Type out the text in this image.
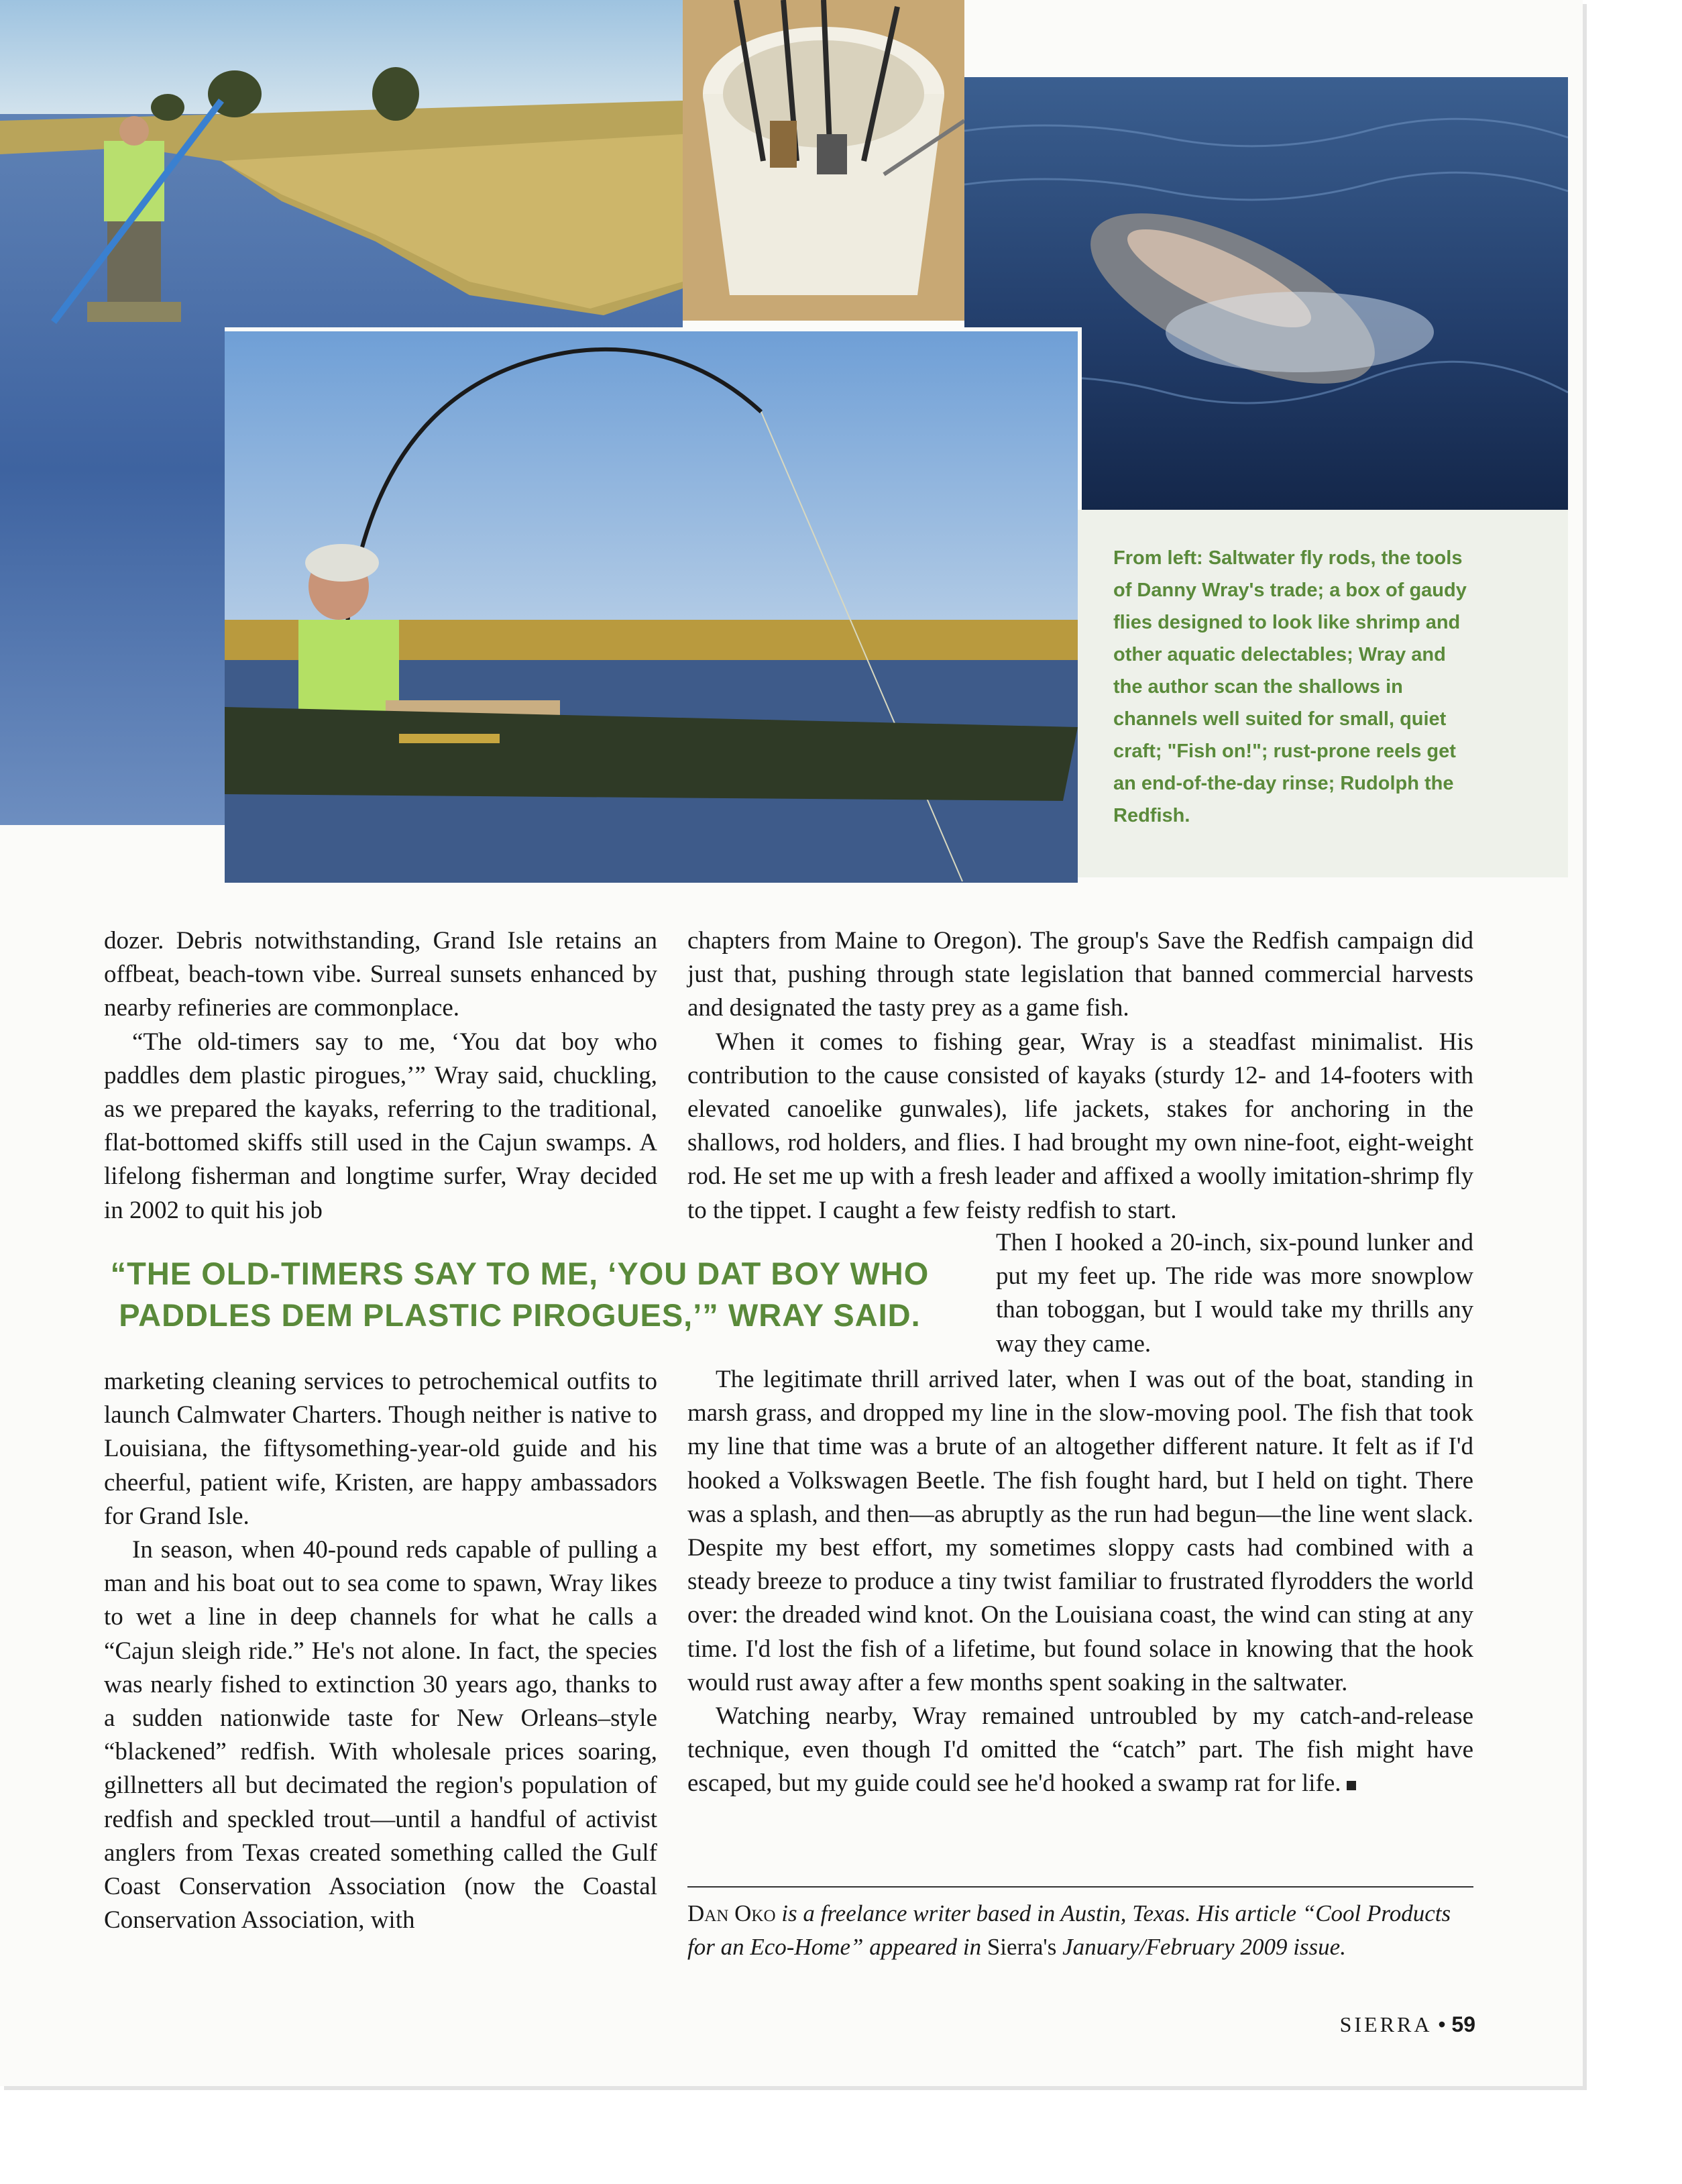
From left: Saltwater fly rods, the tools of Danny Wray's trade; a box of gaudy flies designed to look like shrimp and other aquatic delectables; Wray and the author scan the shallows in channels well suited for small, quiet craft; "Fish on!"; rust-prone reels get an end-of-the-day rinse; Rudolph the Redfish.

dozer. Debris notwithstanding, Grand Isle retains an offbeat, beach-town vibe. Surreal sunsets enhanced by nearby refineries are commonplace.

“The old-timers say to me, ‘You dat boy who paddles dem plastic pirogues,’” Wray said, chuckling, as we prepared the kayaks, referring to the traditional, flat-bottomed skiffs still used in the Cajun swamps. A lifelong fisherman and longtime surfer, Wray decided in 2002 to quit his job

chapters from Maine to Oregon). The group's Save the Redfish campaign did just that, pushing through state legislation that banned commercial harvests and designated the tasty prey as a game fish.

When it comes to fishing gear, Wray is a steadfast minimalist. His contribution to the cause consisted of kayaks (sturdy 12- and 14-footers with elevated canoelike gunwales), life jackets, stakes for anchoring in the shallows, rod holders, and flies. I had brought my own nine-foot, eight-weight rod. He set me up with a fresh leader and affixed a woolly imitation-shrimp fly to the tippet. I caught a few feisty redfish to start.

Then I hooked a 20-inch, six-pound lunker and put my feet up. The ride was more snowplow than toboggan, but I would take my thrills any way they came.
“THE OLD-TIMERS SAY TO ME, ‘YOU DAT BOY WHO
PADDLES DEM PLASTIC PIROGUES,’” WRAY SAID.

marketing cleaning services to petrochemical outfits to launch Calmwater Charters. Though neither is native to Louisiana, the fiftysomething-year-old guide and his cheerful, patient wife, Kristen, are happy ambassadors for Grand Isle.

In season, when 40-pound reds capable of pulling a man and his boat out to sea come to spawn, Wray likes to wet a line in deep channels for what he calls a “Cajun sleigh ride.” He's not alone. In fact, the species was nearly fished to extinction 30 years ago, thanks to a sudden nationwide taste for New Orleans–style “blackened” redfish. With wholesale prices soaring, gillnetters all but decimated the region's population of redfish and speckled trout—until a handful of activist anglers from Texas created something called the Gulf Coast Conservation Association (now the Coastal Conservation Association, with

The legitimate thrill arrived later, when I was out of the boat, standing in marsh grass, and dropped my line in the slow-moving pool. The fish that took my line that time was a brute of an altogether different nature. It felt as if I'd hooked a Volkswagen Beetle. The fish fought hard, but I held on tight. There was a splash, and then—as abruptly as the run had begun—the line went slack. Despite my best effort, my sometimes sloppy casts had combined with a steady breeze to produce a tiny twist familiar to frustrated flyrodders the world over: the dreaded wind knot. On the Louisiana coast, the wind can sting at any time. I'd lost the fish of a lifetime, but found solace in knowing that the hook would rust away after a few months spent soaking in the saltwater.

Watching nearby, Wray remained untroubled by my catch-and-release technique, even though I'd omitted the “catch” part. The fish might have escaped, but my guide could see he'd hooked a swamp rat for life.

Dan Oko is a freelance writer based in Austin, Texas. His article “Cool Products for an Eco-Home” appeared in Sierra's January/February 2009 issue.
SIERRA • 59
